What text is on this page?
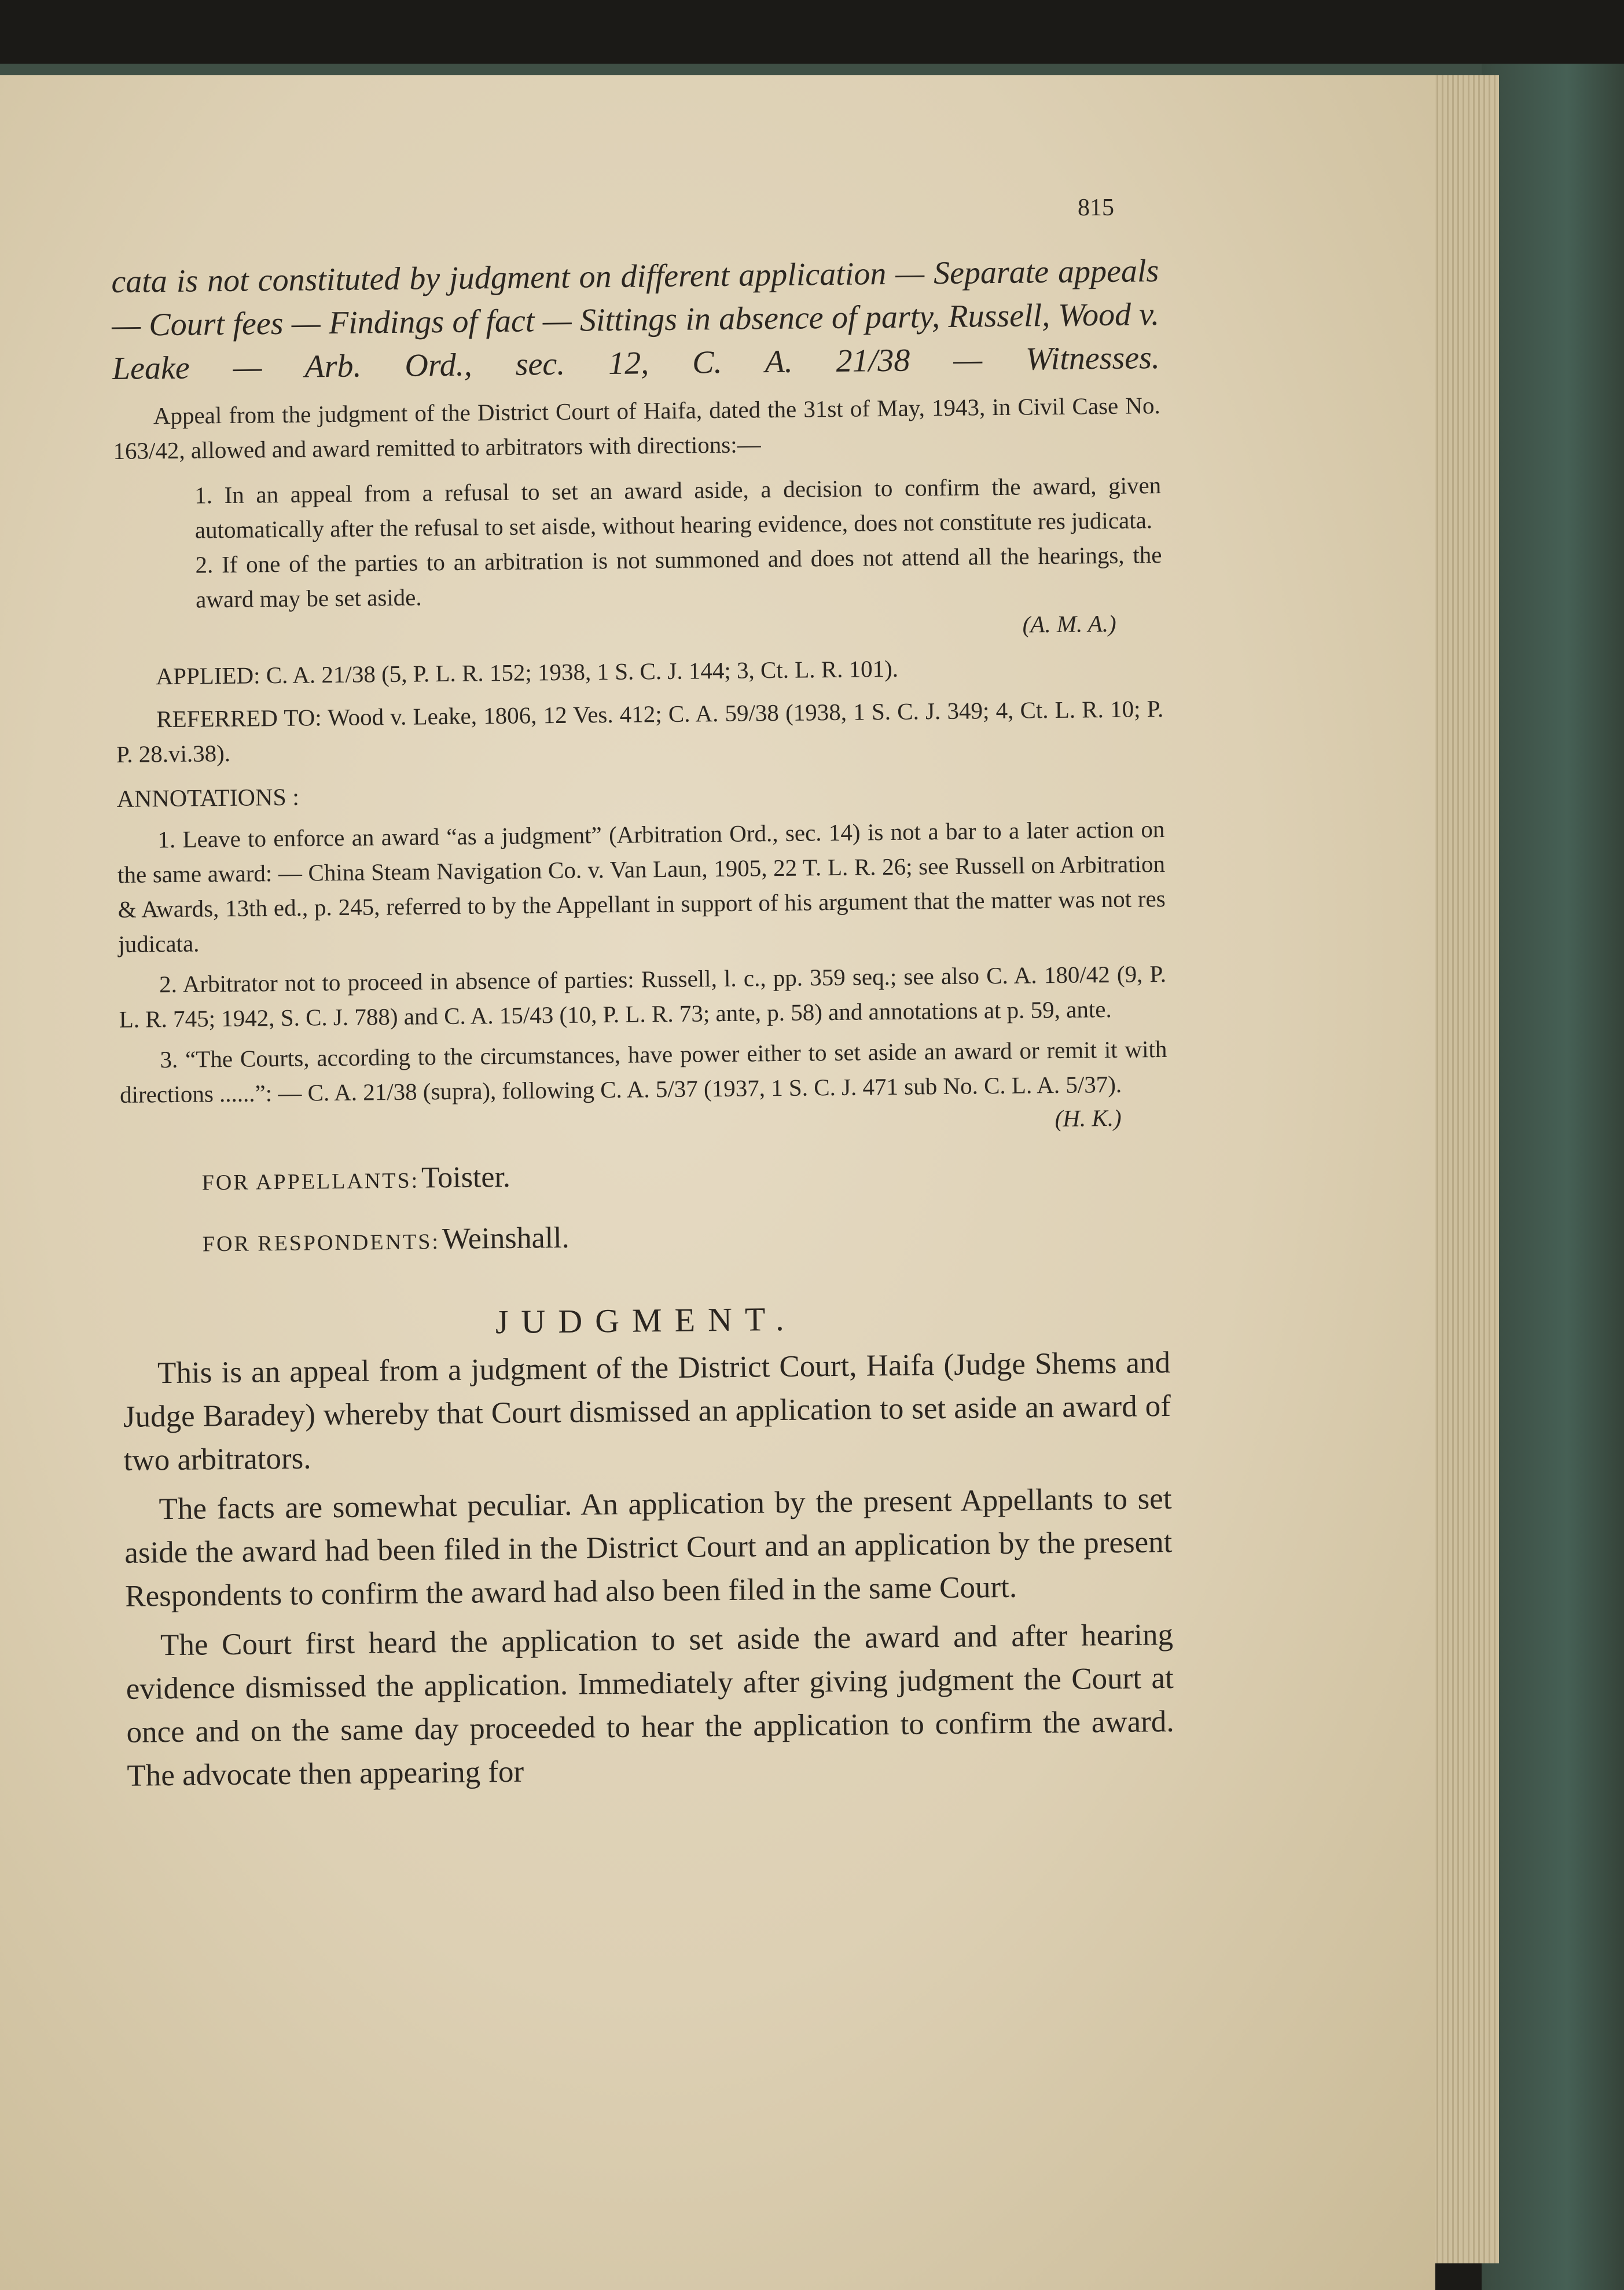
815

cata is not constituted by judgment on different application — Separate appeals — Court fees — Findings of fact — Sittings in absence of party, Russell, Wood v. Leake — Arb. Ord., sec. 12, C. A. 21/38 — Witnesses.

Appeal from the judgment of the District Court of Haifa, dated the 31st of May, 1943, in Civil Case No. 163/42, allowed and award remitted to arbitrators with directions:—

1. In an appeal from a refusal to set an award aside, a decision to confirm the award, given automatically after the refusal to set aisde, without hearing evidence, does not constitute res judicata.

2. If one of the parties to an arbitration is not summoned and does not attend all the hearings, the award may be set aside.

(A. M. A.)

APPLIED: C. A. 21/38 (5, P. L. R. 152; 1938, 1 S. C. J. 144; 3, Ct. L. R. 101).

REFERRED TO: Wood v. Leake, 1806, 12 Ves. 412; C. A. 59/38 (1938, 1 S. C. J. 349; 4, Ct. L. R. 10; P. P. 28.vi.38).

ANNOTATIONS :

1. Leave to enforce an award “as a judgment” (Arbitration Ord., sec. 14) is not a bar to a later action on the same award: — China Steam Navigation Co. v. Van Laun, 1905, 22 T. L. R. 26; see Russell on Arbitration & Awards, 13th ed., p. 245, referred to by the Appellant in support of his argument that the matter was not res judicata.

2. Arbitrator not to proceed in absence of parties: Russell, l. c., pp. 359 seq.; see also C. A. 180/42 (9, P. L. R. 745; 1942, S. C. J. 788) and C. A. 15/43 (10, P. L. R. 73; ante, p. 58) and annotations at p. 59, ante.

3. “The Courts, according to the circumstances, have power either to set aside an award or remit it with directions ......”: — C. A. 21/38 (supra), following C. A. 5/37 (1937, 1 S. C. J. 471 sub No. C. L. A. 5/37).

(H. K.)

FOR APPELLANTS: Toister.
FOR RESPONDENTS: Weinshall.
JUDGMENT.

This is an appeal from a judgment of the District Court, Haifa (Judge Shems and Judge Baradey) whereby that Court dismissed an application to set aside an award of two arbitrators.

The facts are somewhat peculiar. An application by the present Appellants to set aside the award had been filed in the District Court and an application by the present Respondents to confirm the award had also been filed in the same Court.

The Court first heard the application to set aside the award and after hearing evidence dismissed the application. Immediately after giving judgment the Court at once and on the same day proceeded to hear the application to confirm the award. The advocate then appearing for
